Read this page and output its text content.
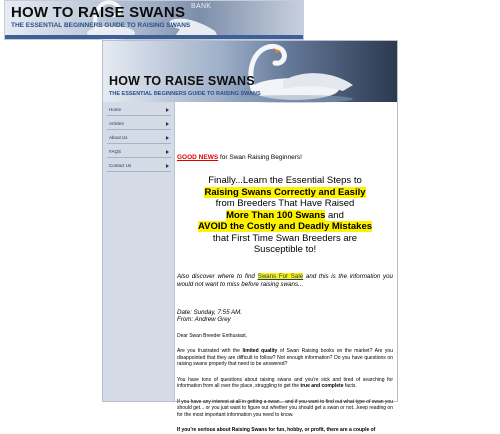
HOW TO RAISE SWANS
THE ESSENTIAL BEGINNERS GUIDE TO RAISING SWANS
BANK
HOW TO RAISE SWANS
THE ESSENTIAL BEGINNERS GUIDE TO RAISING SWANS
Home
Articles
About Us
FAQS
Contact Us
GOOD NEWS for Swan Raising Beginners!
Finally...Learn the Essential Steps to
Raising Swans Correctly and Easily
from Breeders That Have Raised
More Than 100 Swans and
AVOID the Costly and Deadly Mistakes
that First Time Swan Breeders are
Susceptible to!
Also discover where to find Swans For Sale and this is the information you would not want to miss before raising swans...
Date: Sunday, 7:55 AM.
From: Andrew Grey
Dear Swan Breeder Enthusiast,
Are you frustrated with the limited quality of Swan Raising books on the market? Are you disappointed that they are difficult to follow? Not enough information? Do you have questions on raising swans properly that need to be answered?
You have tons of questions about raising swans and you're sick and tired of searching for information from all over the place, struggling to get the true and complete facts.
If you have any interest at all in getting a swan... and if you want to find out what type of swan you should get... or you just want to figure out whether you should get a swan or not...keep reading on for the most important information you need to know.
If you're serious about Raising Swans for fun, hobby, or profit, there are a couple of
